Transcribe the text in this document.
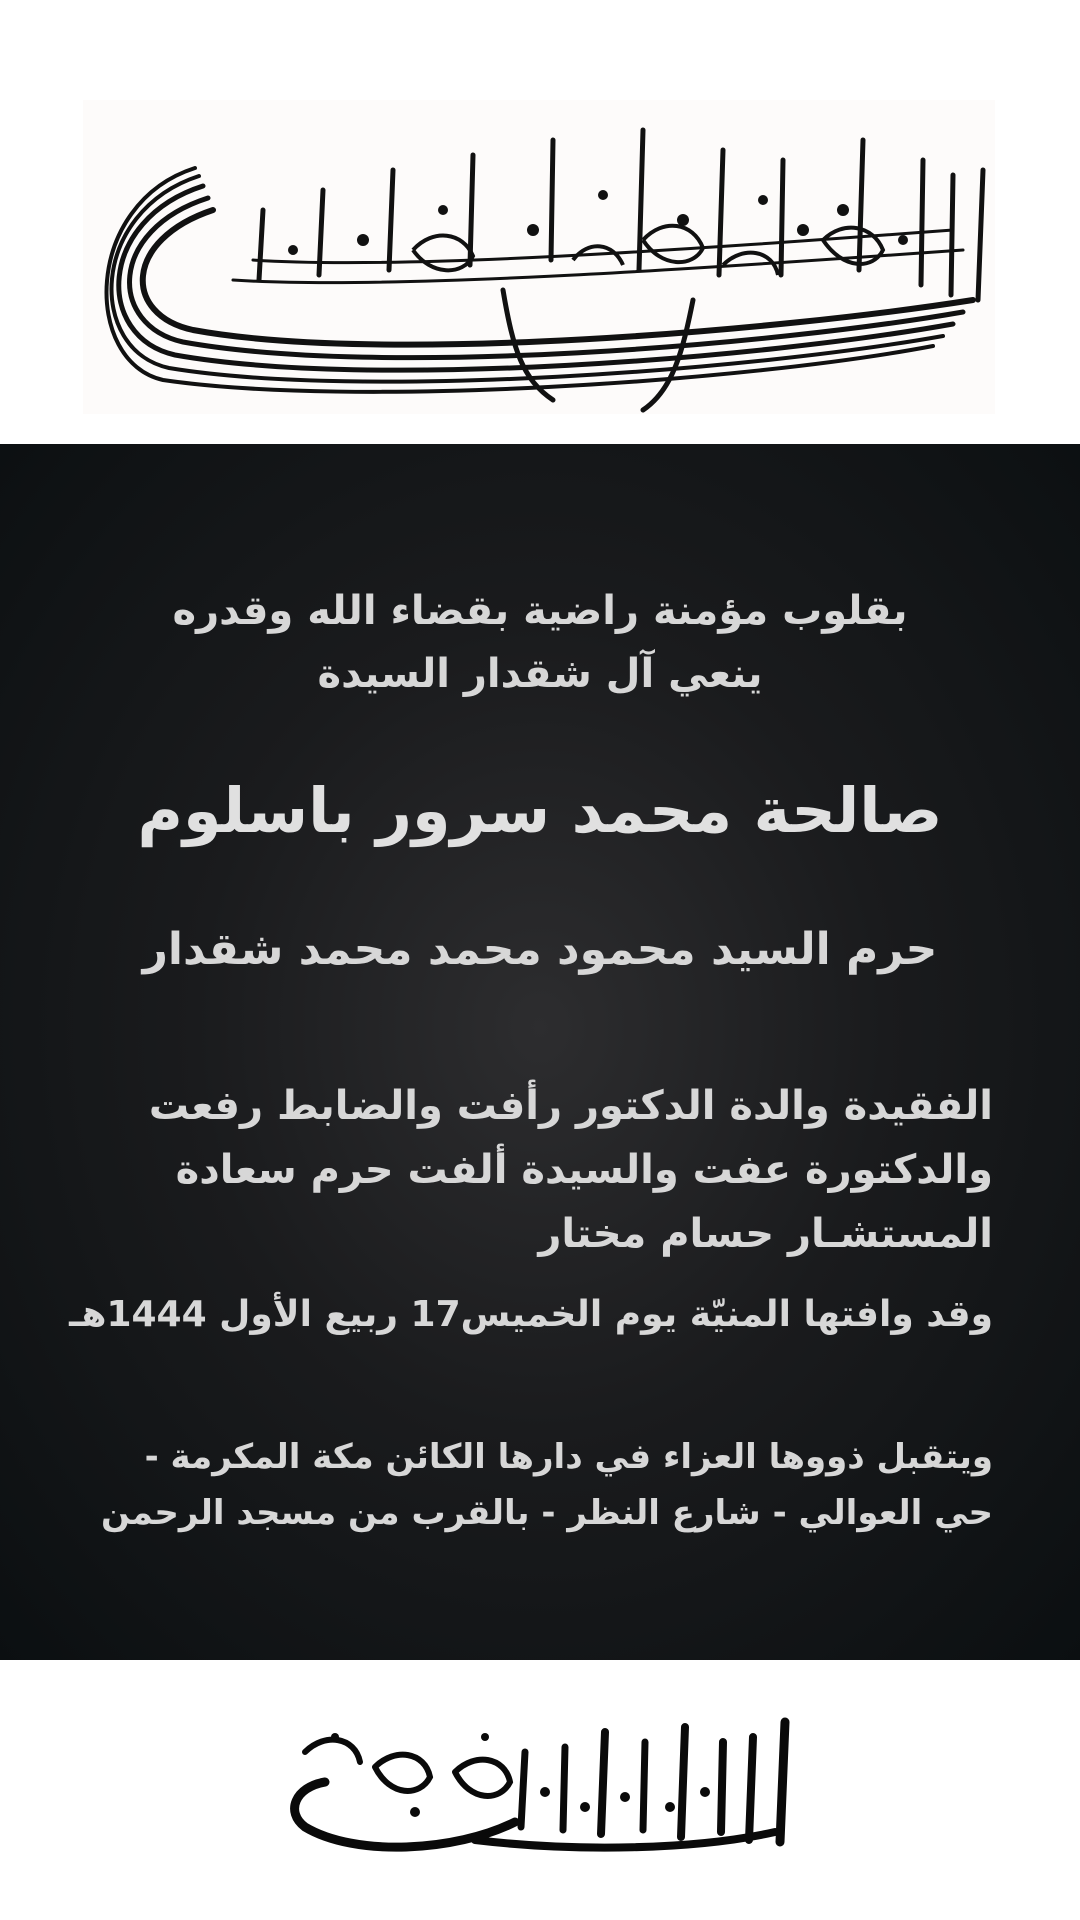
بقلوب مؤمنة راضية بقضاء الله وقدره
ينعي آل شقدار السيدة
صالحة محمد سرور باسلوم
حرم السيد محمود محمد محمد شقدار
الفقيدة والدة الدكتور رأفت والضابط رفعت
والدكتورة عفت والسيدة ألفت حرم سعادة
المستشـار حسام مختار
وقد وافتها المنيّة يوم الخميس17 ربيع الأول 1444هـ
ويتقبل ذووها العزاء في دارها الكائن مكة المكرمة -
حي العوالي - شارع النظر - بالقرب من مسجد الرحمن
